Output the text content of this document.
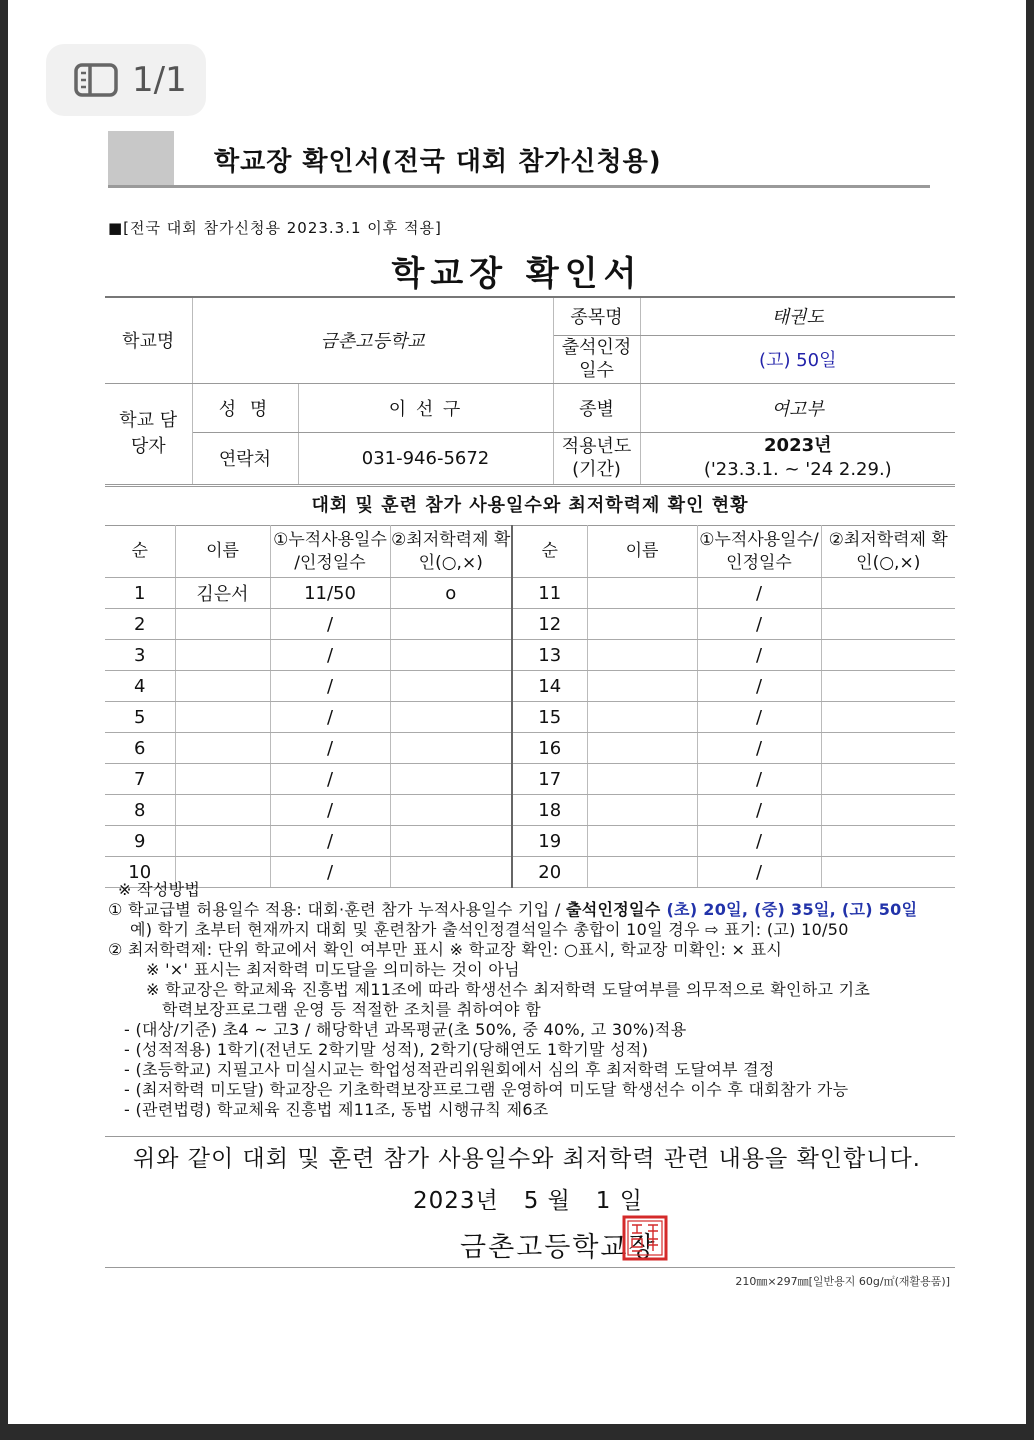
1/1
학교장 확인서(전국 대회 참가신청용)
■[전국 대회 참가신청용 2023.3.1 이후 적용]
학교장 확인서
학교명	금촌고등학교		종목명	태권도
			출석인정 일수	(고) 50일
학교 담당자	성 명	이 선 구	종별	여고부
	연락처	031-946-5672	적용년도 (기간)	2023년
('23.3.1. ~ '24 2.29.)
대회 및 훈련 참가 사용일수와 최저학력제 확인 현황
순	이름	①누적사용일수 /인정일수	②최저학력제 확인(○,×)	순	이름	①누적사용일수/ 인정일수	②최저학력제 확인(○,×)
1	김은서	11/50	o	11		/	
2		/		12		/	
3		/		13		/	
4		/		14		/	
5		/		15		/	
6		/		16		/	
7		/		17		/	
8		/		18		/	
9		/		19		/	
10		/		20		/	
※ 작성방법
① 학교급별 허용일수 적용: 대회·훈련 참가 누적사용일수 기입 / 출석인정일수 (초) 20일, (중) 35일, (고) 50일
예) 학기 초부터 현재까지 대회 및 훈련참가 출석인정결석일수 총합이 10일 경우 ⇨ 표기: (고) 10/50
② 최저학력제: 단위 학교에서 확인 여부만 표시 ※ 학교장 확인: ○표시, 학교장 미확인: × 표시
※ '×' 표시는 최저학력 미도달을 의미하는 것이 아님
※ 학교장은 학교체육 진흥법 제11조에 따라 학생선수 최저학력 도달여부를 의무적으로 확인하고 기초
학력보장프로그램 운영 등 적절한 조치를 취하여야 함
- (대상/기준) 초4 ~ 고3 / 해당학년 과목평균(초 50%, 중 40%, 고 30%)적용
- (성적적용) 1학기(전년도 2학기말 성적), 2학기(당해연도 1학기말 성적)
- (초등학교) 지필고사 미실시교는 학업성적관리위원회에서 심의 후 최저학력 도달여부 결정
- (최저학력 미도달) 학교장은 기초학력보장프로그램 운영하여 미도달 학생선수 이수 후 대회참가 가능
- (관련법령) 학교체육 진흥법 제11조, 동법 시행규칙 제6조
위와 같이 대회 및 훈련 참가 사용일수와 최저학력 관련 내용을 확인합니다.
2023년   5 월   1 일
금촌고등학교장
210㎜×297㎜[일반용지 60g/㎡(재활용품)]
